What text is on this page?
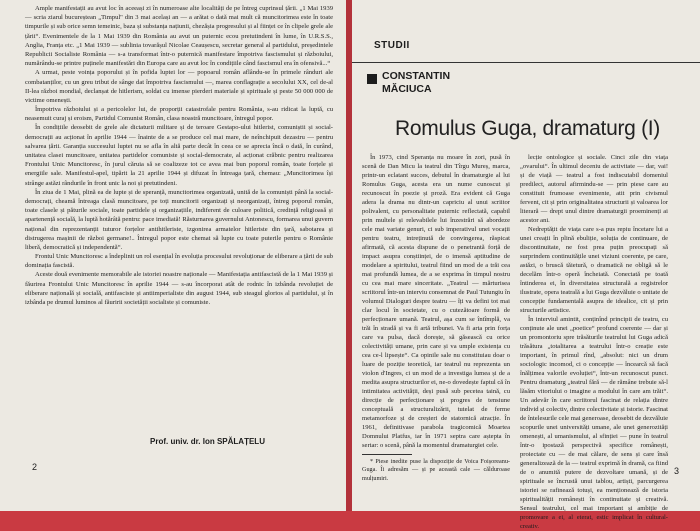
Ample manifestații au avut loc în aceeași zi în numeroase alte localități de pe întreg cuprinsul țării. „1 Mai 1939 — scria ziarul bucureștean „Timpul" din 3 mai același an — a arătat o dată mai mult că muncitorimea este în toate timpurile și sub orice semn temeinic, baza și substanța națiunii, chezășia progresului și al ființei ce în clipele grele ale țării“. Evenimentele de la 1 Mai 1939 din România au avut un puternic ecou pretutindeni în lume, în U.R.S.S., Anglia, Franța etc. „1 Mai 1939 — sublinia tovarășul Nicolae Ceaușescu, secretar general al partidului, președintele Republicii Socialiste România — s-a transformat într-o puternică manifestare împotriva fascismului și războiului, numărându-se printre puținele manifestări din Europa care au avut loc în condițiile când fascismul era în ofensivă...“

A urmat, peste voința poporului și în pofida luptei lor — popoarul român aflându-se în primele rânduri ale combatanților, cu un greu tribut de sânge dat împotriva fascismului —, marea conflagrație a secolului XX, cel de-al II-lea război mondial, declanșat de hitlerism, soldat cu imense pierderi materiale și spirituale și peste 50 000 000 de victime omenești.

Împotriva războiului și a pericolelor lui, de proporții catastrofale pentru România, s-au ridicat la luptă, cu neasemuit curaj și eroism, Partidul Comunist Român, clasa noastră muncitoare, întregul popor.

În condițiile deosebit de grele ale dictaturii militare și de teroare Gestapo-ului hitlerist, comuniștii și social-democrații au acționat în aprilie 1944 — înainte de a se produce cel mai mare, de neînchipuit dezastru — pentru salvarea țării. Garanția succesului luptei nu se afla în altă parte decât în ceea ce se aprecia încă o dată, în curând, unitatea clasei muncitoare, unitatea partidelor comuniste și social-democrate, al acționat crăbnic pentru realizarea Frontului Unic Muncitoresc, în jurul căruia să se coalizeze tot ce avea mai bun poporul român, toate forțele și energiile sale. Manifestul-apel, tipărit la 21 aprilie 1944 și difuzat în întreaga țară, chemau: „Muncitorimea își strânge astăzi rândurile în front unic la noi și pretutindeni.

În ziua de 1 Mai, plină ea de lupte și de speranță, muncitorimea organizată, unită de la comuniști până la social-democrați, cheamă întreaga clasă muncitoare, pe toți muncitorii organizați și neorganizați, întreg poporul român, toate clasele și păturile sociale, toate partidele și organizațiile, indiferent de culoare politică, credință religioasă și apartenență socială, la luptă hotărâtă pentru: pace imediată! Răsturnarea guvernului Antonescu, formarea unui guvern național din reprezentanții tuturor forțelor antihitleriste, izgonirea armatelor hitleriste din țară, sabotarea și distrugerea mașinii de război germane!.. Întregul popor este chemat să lupte cu toate puterile pentru o Românie liberă, democratică și independentă“.

Frontul Unic Muncitoresc a îndeplinit un rol esențial în evoluția procesului revoluționar de eliberare a țării de sub dominația fascistă.

Aceste două evenimente memorabile ale istoriei noastre naționale — Manifestația antifascistă de la 1 Mai 1939 și făurirea Frontului Unic Muncitoresc în aprilie 1944 — s-au încorporat atât de rodnic în izbânda revoluției de eliberare națională și socială, antifasciste și antiimperialiste din august 1944, sub steagul glorios al partidului, și în izbânda pe drumul luminos al făuririi societății socialiste și comuniste.

Prof. univ. dr. Ion SPĂLAȚELU
2
STUDII
CONSTANTIN
MĂCIUCA
Romulus Guga, dramaturg (I)

În 1973, cind Speranța nu moare în zori, pusă în scenă de Dan Micu la teatrul din Tîrgu Mureș, marca, printr-un eclatant succes, debutul în dramaturgie al lui Romulus Guga, acesta era un nume cunoscut și recunoscut în poezie și proză. Era evident că Guga adera la drama nu dintr-un capriciu al unui scriitor polivalent, cu personalitate puternic reflectată, capabil prin multele și relevabilele lui înzestrări să abordeze cele mai variate genuri, ci sub imperativul unei vocații pentru teatru, intreținută de convingerea, răspicat afirmată, că acesta dispune de o penetrantă forță de impact asupra conștiinței, de o imensă aptitudine de modelare a spiritului, teatrul fiind un mod de a trăi cea mai profundă lumea, de a se exprima în timpul nostru cu cea mai mare sinceritate. „Teatrul — mărturisea scriitorul într-un interviu consemnat de Paul Tutungiu în volumul Dialoguri despre teatru — îți va defini tot mai clar locul în societate, cu o cutezătoare formă de perfecționare umană. Teatrul, așa cum se întîmplă, va trăi în stradă și va fi artă tribunei. Va fi arta prin forța care va pulsa, dacă dorește, să găsească cu orice colectivități umane, prin care și va umple existența cu cea ce-l lipsește“. Ca opinile sale nu constituiau doar o luare de poziție teoretică, iar teatrul nu reprezenta un violon d'Ingres, ci un mod de a investiga lumea și de a medita asupra structurilor ei, ne-o dovedește faptul că în intimitatea activității, deși pusă sub pecetea taină, cu direcție de perfecționare și progres de tensiune conceptuală a structuralizării, tutelat de ferme metamorfoze și de creșteri de statornică atracție. În 1961, definitivase parabola tragicomică Moartea Domnului Platfus, iar în 1971 septra care aștepta în sertar: o scenă, până la momentul dramaturgiei cele.

* Piese inedite puse la dispoziție de Voica Foișoreanu-Guga. Îi adresăm — și pe această cale — călduroase mulțumiri.

lecție ontologice și sociale. Cinci zile din viața „ovarului“. În ultimul deceniu de activitate — dar, vai! și de viață — teatrul a fost indiscutabil domeniul predilect, autorul afirmindu-se — prin piese care au constituit frumoase evenimente, atit prin civismul fervent, cit și prin originalitatea structurii și valoarea lor literară — drept unul dintre dramaturgii proeminenți ai acestor ani.

Nedreptățit de viața care s-a pus repiu încetare lui a unei creații în plină ebuliție, soluția de continuare, de discontinuitate, ne fost prea puțin preocupați să surprindem continuitățile unei viziuni coerente, pe care, astăzi, o bruscă tăietură, o dramatică ne obligă să le decelăm într-o operă încheiată. Conectată pe toată întinderea ei, în diversitatea structurală a registrelor ilustrate, opera teatrală a lui Guga dezvăluie o unitate de concepție fundamentală asupra de idealice, cit și prin structurile artistice.

În interviul amintit, conținînd principii de teatru, cu conținute ale unei „poetice“ profund coerente — dar și un promontoriu spre trăsăturile teatrului lui Guga adică trăsătura „totalitarea a teatrului într-o creație este important, în primul rînd, „absolut: nici un drum sociologic incomod, ci o concepție — încearcă să facă înălțimea valorile evoluției“, într-un recunoscut punct. Pentru dramaturg „teatrul fără — de rămâne trebuie să-l lăsăm vitoriului o imagine a modului în care am trăit“. Un adevăr în care scriitorul fascinat de relația dintre individ și colectiv, dintre colectivitate și istorie. Fascinat de întelesurile cele mai generoase, deosebit de dezvăluie scopurile unei universități umane, ale unei generozități omenești, al umanismului, al sfinției — pune în teatrul într-o ipostază perspectivă specifice românești, proiectate cu — de mai călare, de sens și care însă generalizează de la — teatrul exprimă în dramă, ca fiind de o anumită putere de dezvoltare umană, și de spirituale se încrustă unui tablou, artiști, parcurgerea istoriei se rafinează totuși, ea menționează de istoria spiritualității românești în continuitate și creativă. Sensul teatrului, cel mai important și ambiție de promovare a ei, al eterat, estic implicat în cultural-creativ.

3
